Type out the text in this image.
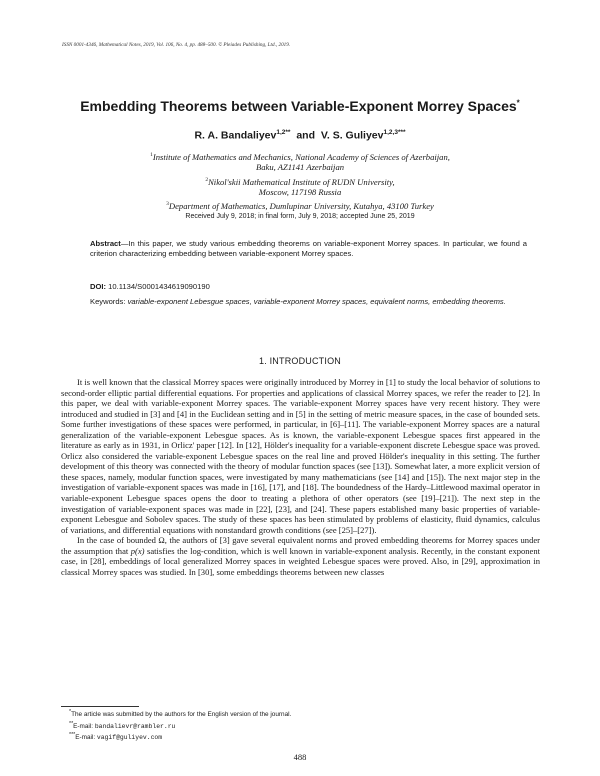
ISSN 0001-4346, Mathematical Notes, 2019, Vol. 106, No. 4, pp. 488–500. © Pleiades Publishing, Ltd., 2019.
Embedding Theorems between Variable-Exponent Morrey Spaces*
R. A. Bandaliyev$^{1,2**}$ and V. S. Guliyev$^{1,2,3***}$
$^1$Institute of Mathematics and Mechanics, National Academy of Sciences of Azerbaijan,
Baku, AZ1141 Azerbaijan
$^2$Nikol'skii Mathematical Institute of RUDN University,
Moscow, 117198 Russia
$^3$Department of Mathematics, Dumlupinar University, Kutahya, 43100 Turkey
Received July 9, 2018; in final form, July 9, 2018; accepted June 25, 2019
Abstract—In this paper, we study various embedding theorems on variable-exponent Morrey spaces. In particular, we found a criterion characterizing embedding between variable-exponent Morrey spaces.
DOI: 10.1134/S0001434619090190
Keywords: variable-exponent Lebesgue spaces, variable-exponent Morrey spaces, equivalent norms, embedding theorems.
1. INTRODUCTION

It is well known that the classical Morrey spaces were originally introduced by Morrey in [1] to study the local behavior of solutions to second-order elliptic partial differential equations. For properties and applications of classical Morrey spaces, we refer the reader to [2]. In this paper, we deal with variable-exponent Morrey spaces. The variable-exponent Morrey spaces have very recent history. They were introduced and studied in [3] and [4] in the Euclidean setting and in [5] in the setting of metric measure spaces, in the case of bounded sets. Some further investigations of these spaces were performed, in particular, in [6]–[11]. The variable-exponent Morrey spaces are a natural generalization of the variable-exponent Lebesgue spaces. As is known, the variable-exponent Lebesgue spaces first appeared in the literature as early as in 1931, in Orlicz' paper [12]. In [12], Hölder's inequality for a variable-exponent discrete Lebesgue space was proved. Orlicz also considered the variable-exponent Lebesgue spaces on the real line and proved Hölder's inequality in this setting. The further development of this theory was connected with the theory of modular function spaces (see [13]). Somewhat later, a more explicit version of these spaces, namely, modular function spaces, were investigated by many mathematicians (see [14] and [15]). The next major step in the investigation of variable-exponent spaces was made in [16], [17], and [18]. The boundedness of the Hardy–Littlewood maximal operator in variable-exponent Lebesgue spaces opens the door to treating a plethora of other operators (see [19]–[21]). The next step in the investigation of variable-exponent spaces was made in [22], [23], and [24]. These papers established many basic properties of variable-exponent Lebesgue and Sobolev spaces. The study of these spaces has been stimulated by problems of elasticity, fluid dynamics, calculus of variations, and differential equations with nonstandard growth conditions (see [25]–[27]).

In the case of bounded Ω, the authors of [3] gave several equivalent norms and proved embedding theorems for Morrey spaces under the assumption that p(x) satisfies the log-condition, which is well known in variable-exponent analysis. Recently, in the constant exponent case, in [28], embeddings of local generalized Morrey spaces in weighted Lebesgue spaces were proved. Also, in [29], approximation in classical Morrey spaces was studied. In [30], some embeddings theorems between new classes

*The article was submitted by the authors for the English version of the journal.
**E-mail: bandalievr@rambler.ru
***E-mail: vagif@guliyev.com
488
